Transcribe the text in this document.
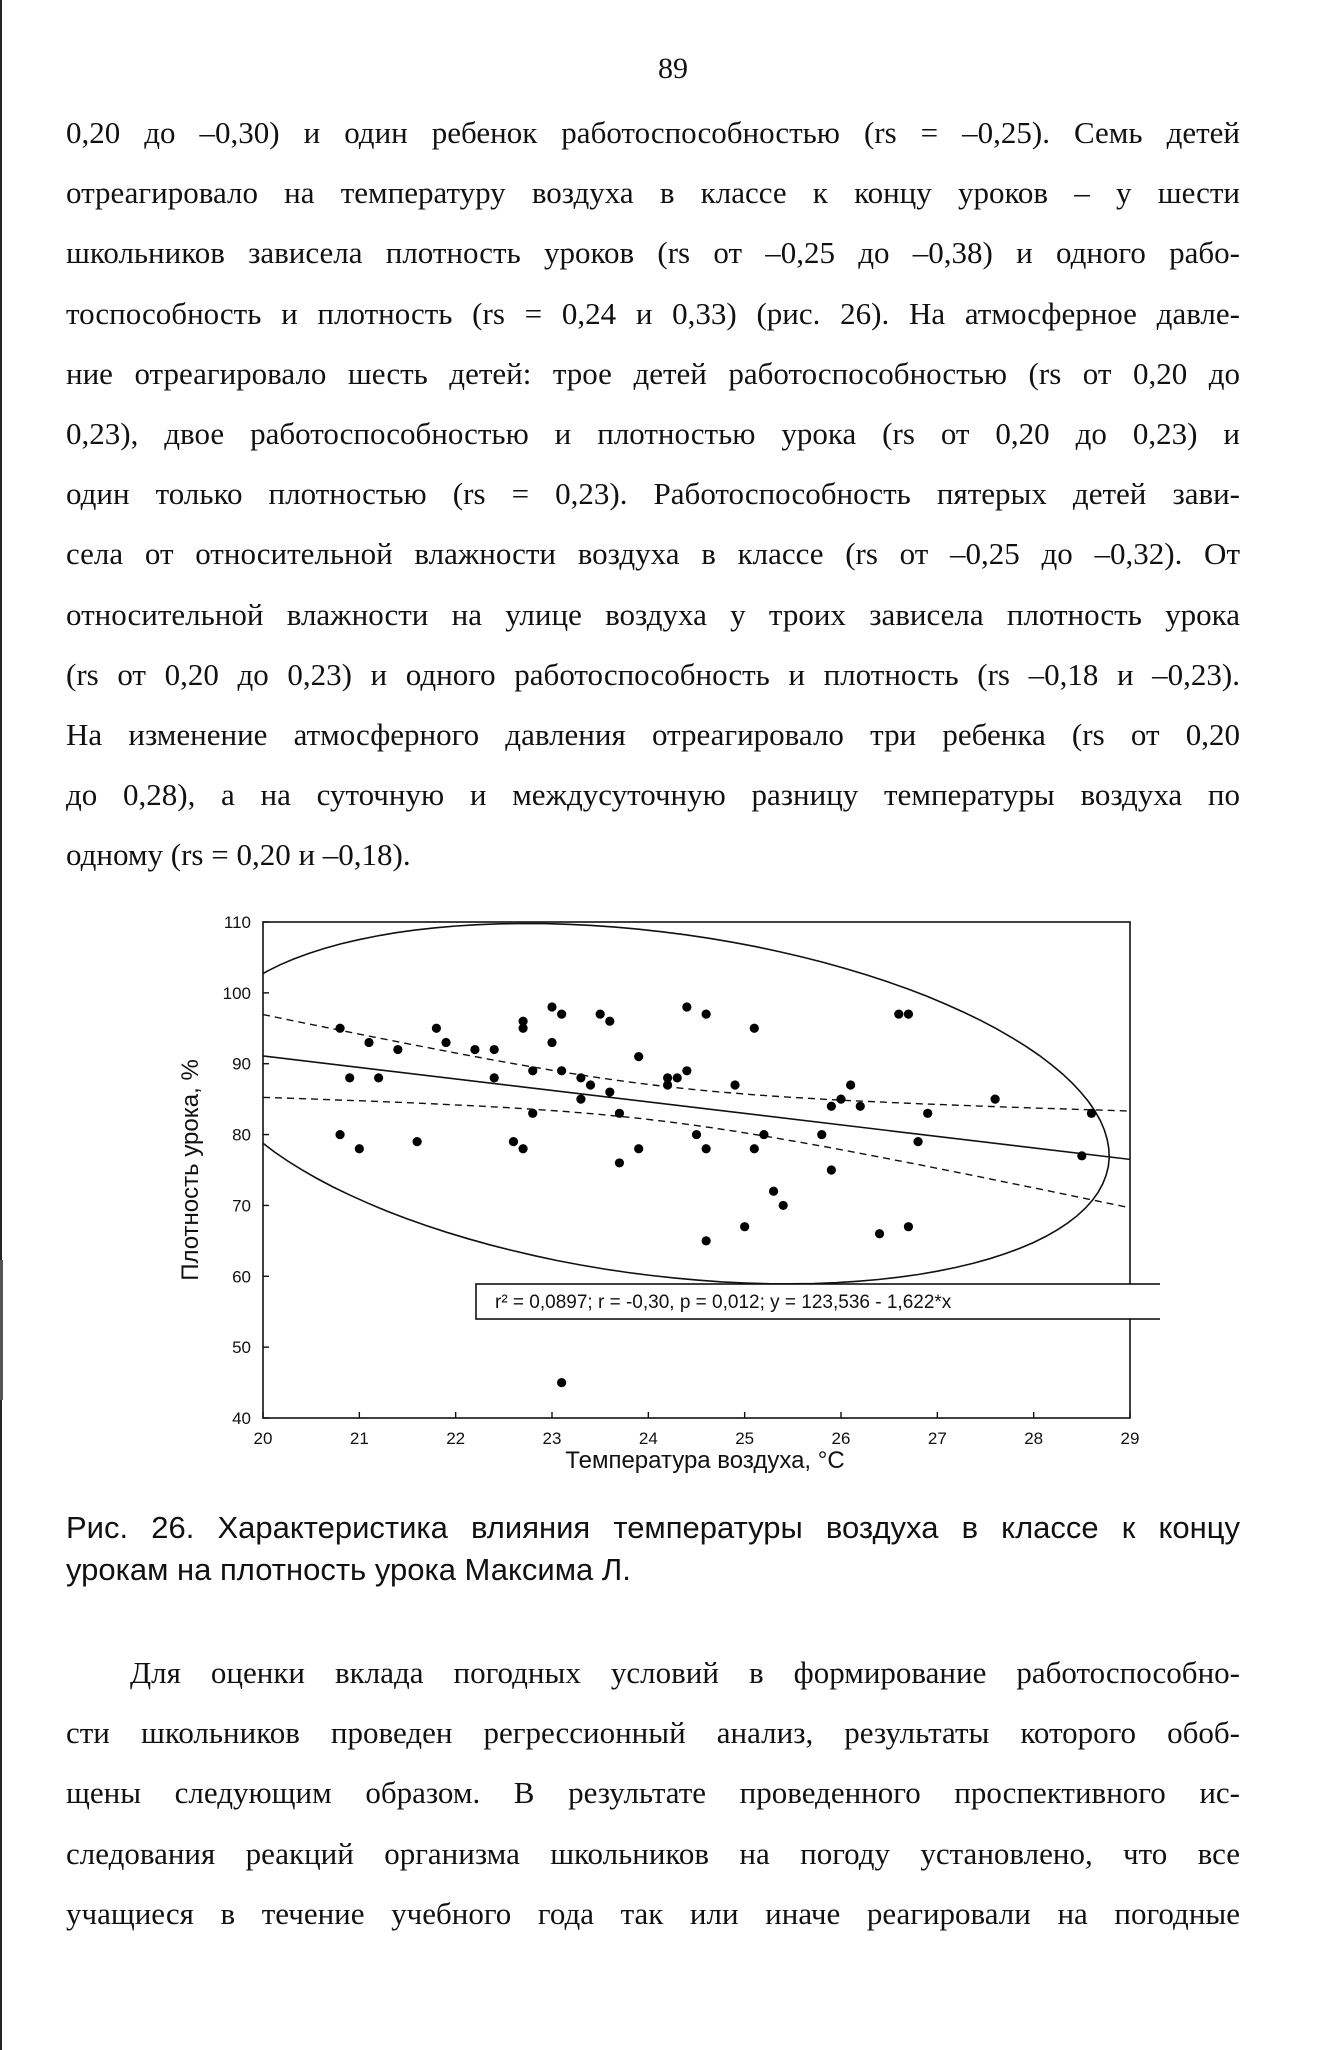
89
0,20 до –0,30) и один ребенок работоспособностью (rs = –0,25). Семь детей
отреагировало на температуру воздуха в классе к концу уроков – у шести
школьников зависела плотность уроков (rs от –0,25 до –0,38) и одного рабо-
тоспособность и плотность (rs = 0,24 и 0,33) (рис. 26). На атмосферное давле-
ние отреагировало шесть детей: трое детей работоспособностью (rs от 0,20 до
0,23), двое работоспособностью и плотностью урока (rs от 0,20 до 0,23) и
один только плотностью (rs = 0,23). Работоспособность пятерых детей зави-
села от относительной влажности воздуха в классе (rs от –0,25 до –0,32). От
относительной влажности на улице воздуха у троих зависела плотность урока
(rs от 0,20 до 0,23) и одного работоспособность и плотность (rs –0,18 и –0,23).
На изменение атмосферного давления отреагировало три ребенка (rs от 0,20
до 0,28), а на суточную и междусуточную разницу температуры воздуха по
одному (rs = 0,20 и –0,18).
40
50
60
70
80
90
100
110
20	21	22	23	24	25	26	27	28	29
r² = 0,0897; r = -0,30, p = 0,012; y = 123,536 - 1,622*x
Плотность урока, %
Температура воздуха, °C
Рис. 26. Характеристика влияния температуры воздуха в классе к концу
урокам на плотность урока Максима Л.
Для оценки вклада погодных условий в формирование работоспособно-
сти школьников проведен регрессионный анализ, результаты которого обоб-
щены следующим образом. В результате проведенного проспективного ис-
следования реакций организма школьников на погоду установлено, что все
учащиеся в течение учебного года так или иначе реагировали на погодные
